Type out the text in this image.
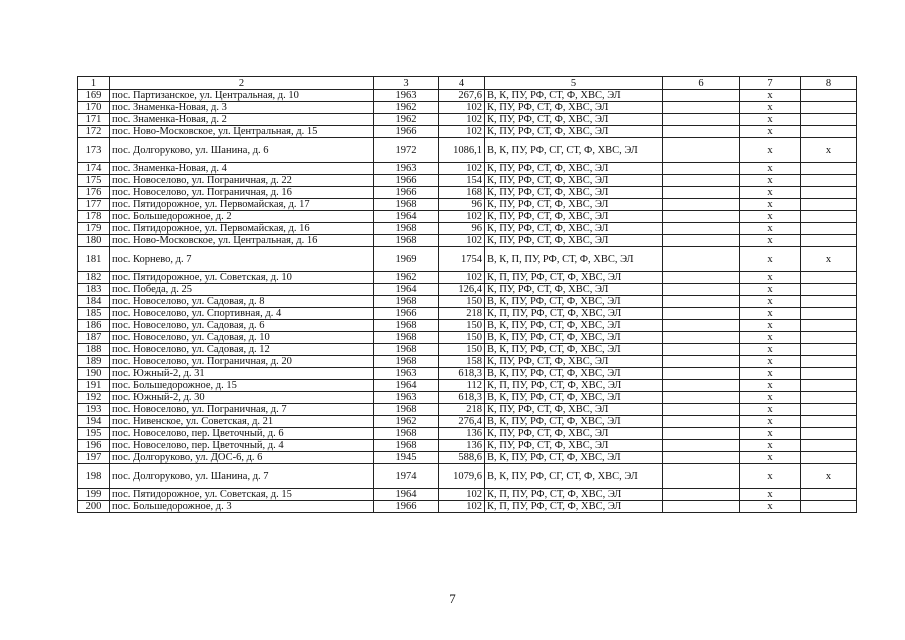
1	2	3	4	5	6	7	8
169	пос. Партизанское, ул. Центральная, д. 10	1963	267,6	В, К, ПУ, РФ, СТ, Ф, ХВС, ЭЛ		x	
170	пос. Знаменка-Новая, д. 3	1962	102	К, ПУ, РФ, СТ, Ф, ХВС, ЭЛ		x	
171	пос. Знаменка-Новая, д. 2	1962	102	К, ПУ, РФ, СТ, Ф, ХВС, ЭЛ		x	
172	пос. Ново-Московское, ул. Центральная, д. 15	1966	102	К, ПУ, РФ, СТ, Ф, ХВС, ЭЛ		x	
173	пос. Долгоруково, ул. Шанина, д. 6	1972	1086,1	В, К, ПУ, РФ, СГ, СТ, Ф, ХВС, ЭЛ		x	x
174	пос. Знаменка-Новая, д. 4	1963	102	К, ПУ, РФ, СТ, Ф, ХВС, ЭЛ		x	
175	пос. Новоселово, ул. Пограничная, д. 22	1966	154	К, ПУ, РФ, СТ, Ф, ХВС, ЭЛ		x	
176	пос. Новоселово, ул. Пограничная, д. 16	1966	168	К, ПУ, РФ, СТ, Ф, ХВС, ЭЛ		x	
177	пос. Пятидорожное, ул. Первомайская, д. 17	1968	96	К, ПУ, РФ, СТ, Ф, ХВС, ЭЛ		x	
178	пос. Большедорожное, д. 2	1964	102	К, ПУ, РФ, СТ, Ф, ХВС, ЭЛ		x	
179	пос. Пятидорожное, ул. Первомайская, д. 16	1968	96	К, ПУ, РФ, СТ, Ф, ХВС, ЭЛ		x	
180	пос. Ново-Московское, ул. Центральная, д. 16	1968	102	К, ПУ, РФ, СТ, Ф, ХВС, ЭЛ		x	
181	пос. Корнево, д. 7	1969	1754	В, К, П, ПУ, РФ, СТ, Ф, ХВС, ЭЛ		x	x
182	пос. Пятидорожное, ул. Советская, д. 10	1962	102	К, П, ПУ, РФ, СТ, Ф, ХВС, ЭЛ		x	
183	пос. Победа, д. 25	1964	126,4	К, ПУ, РФ, СТ, Ф, ХВС, ЭЛ		x	
184	пос. Новоселово, ул. Садовая, д. 8	1968	150	В, К, ПУ, РФ, СТ, Ф, ХВС, ЭЛ		x	
185	пос. Новоселово, ул. Спортивная, д. 4	1966	218	К, П, ПУ, РФ, СТ, Ф, ХВС, ЭЛ		x	
186	пос. Новоселово, ул. Садовая, д. 6	1968	150	В, К, ПУ, РФ, СТ, Ф, ХВС, ЭЛ		x	
187	пос. Новоселово, ул. Садовая, д. 10	1968	150	В, К, ПУ, РФ, СТ, Ф, ХВС, ЭЛ		x	
188	пос. Новоселово, ул. Садовая, д. 12	1968	150	В, К, ПУ, РФ, СТ, Ф, ХВС, ЭЛ		x	
189	пос. Новоселово, ул. Пограничная, д. 20	1968	158	К, ПУ, РФ, СТ, Ф, ХВС, ЭЛ		x	
190	пос. Южный-2, д. 31	1963	618,3	В, К, ПУ, РФ, СТ, Ф, ХВС, ЭЛ		x	
191	пос. Большедорожное, д. 15	1964	112	К, П, ПУ, РФ, СТ, Ф, ХВС, ЭЛ		x	
192	пос. Южный-2, д. 30	1963	618,3	В, К, ПУ, РФ, СТ, Ф, ХВС, ЭЛ		x	
193	пос. Новоселово, ул. Пограничная, д. 7	1968	218	К, ПУ, РФ, СТ, Ф, ХВС, ЭЛ		x	
194	пос. Нивенское, ул. Советская, д. 21	1962	276,4	В, К, ПУ, РФ, СТ, Ф, ХВС, ЭЛ		x	
195	пос. Новоселово, пер. Цветочный, д. 6	1968	136	К, ПУ, РФ, СТ, Ф, ХВС, ЭЛ		x	
196	пос. Новоселово, пер. Цветочный, д. 4	1968	136	К, ПУ, РФ, СТ, Ф, ХВС, ЭЛ		x	
197	пос. Долгоруково, ул. ДОС-6, д. 6	1945	588,6	В, К, ПУ, РФ, СТ, Ф, ХВС, ЭЛ		x	
198	пос. Долгоруково, ул. Шанина, д. 7	1974	1079,6	В, К, ПУ, РФ, СГ, СТ, Ф, ХВС, ЭЛ		x	x
199	пос. Пятидорожное, ул. Советская, д. 15	1964	102	К, П, ПУ, РФ, СТ, Ф, ХВС, ЭЛ		x	
200	пос. Большедорожное, д. 3	1966	102	К, П, ПУ, РФ, СТ, Ф, ХВС, ЭЛ		x	
7
